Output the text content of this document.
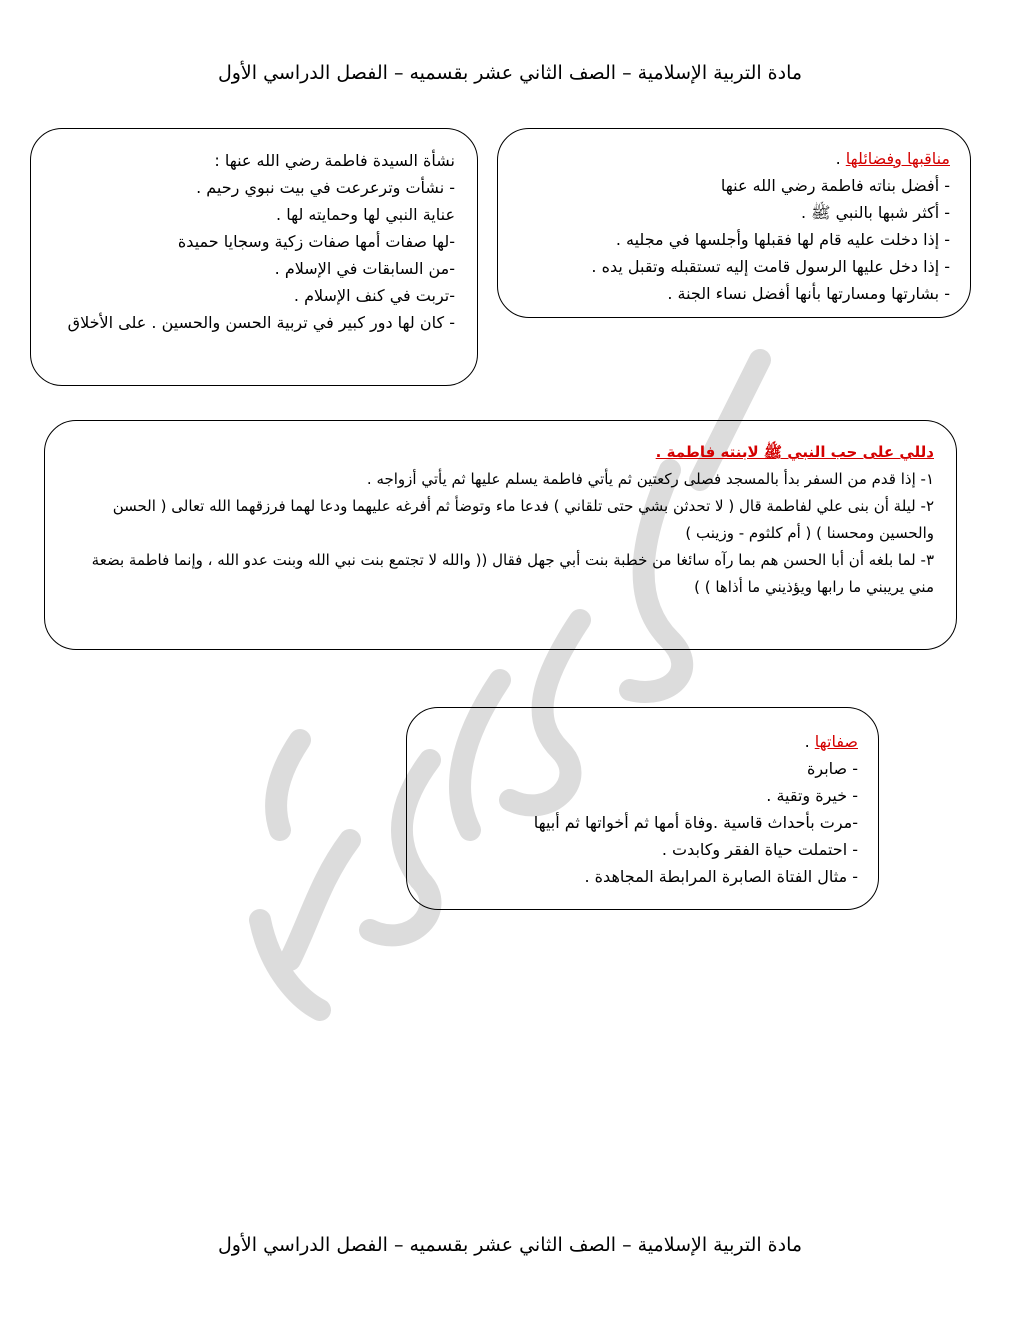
مادة التربية الإسلامية – الصف الثاني عشر بقسميه – الفصل الدراسي الأول
نشأة السيدة فاطمة رضي الله عنها :
- نشأت وترعرعت في بيت نبوي رحيم .
عناية النبي لها وحمايته لها .
-لها صفات أمها صفات زكية وسجايا حميدة
-من السابقات في الإسلام .
-تربت في كنف الإسلام .
- كان لها دور كبير في تربية الحسن والحسين . على الأخلاق
مناقبها وفضائلها .
- أفضل بناته فاطمة رضي الله عنها
- أكثر شبها بالنبي ﷺ .
- إذا دخلت عليه قام لها فقبلها وأجلسها في مجليه .
- إذا دخل عليها الرسول قامت إليه تستقبله وتقبل يده .
- بشارتها ومسارتها بأنها أفضل نساء الجنة .
دللي على حب النبي ﷺ لابنته فاطمة .
١- إذا قدم من السفر بدأ بالمسجد فصلى ركعتين ثم يأتي فاطمة يسلم عليها ثم يأتي أزواجه .
٢- ليلة أن بنى علي لفاطمة قال ( لا تحدثن بشي حتى تلقاني ) فدعا ماء وتوضأ ثم أفرغه عليهما ودعا لهما فرزقهما الله تعالى ( الحسن والحسين ومحسنا ) ( أم كلثوم - وزينب )
٣- لما بلغه أن أبا الحسن هم بما رآه سائغا من خطبة بنت أبي جهل فقال (( والله لا تجتمع بنت نبي الله وبنت عدو الله ، وإنما فاطمة بضعة مني يريبني ما رابها ويؤذيني ما أذاها ) )
صفاتها .
- صابرة
- خيرة وتقية .
-مرت بأحداث قاسية .وفاة أمها ثم أخواتها ثم أبيها
- احتملت حياة الفقر وكابدت .
- مثال الفتاة الصابرة المرابطة المجاهدة .
مادة التربية الإسلامية – الصف الثاني عشر بقسميه – الفصل الدراسي الأول
